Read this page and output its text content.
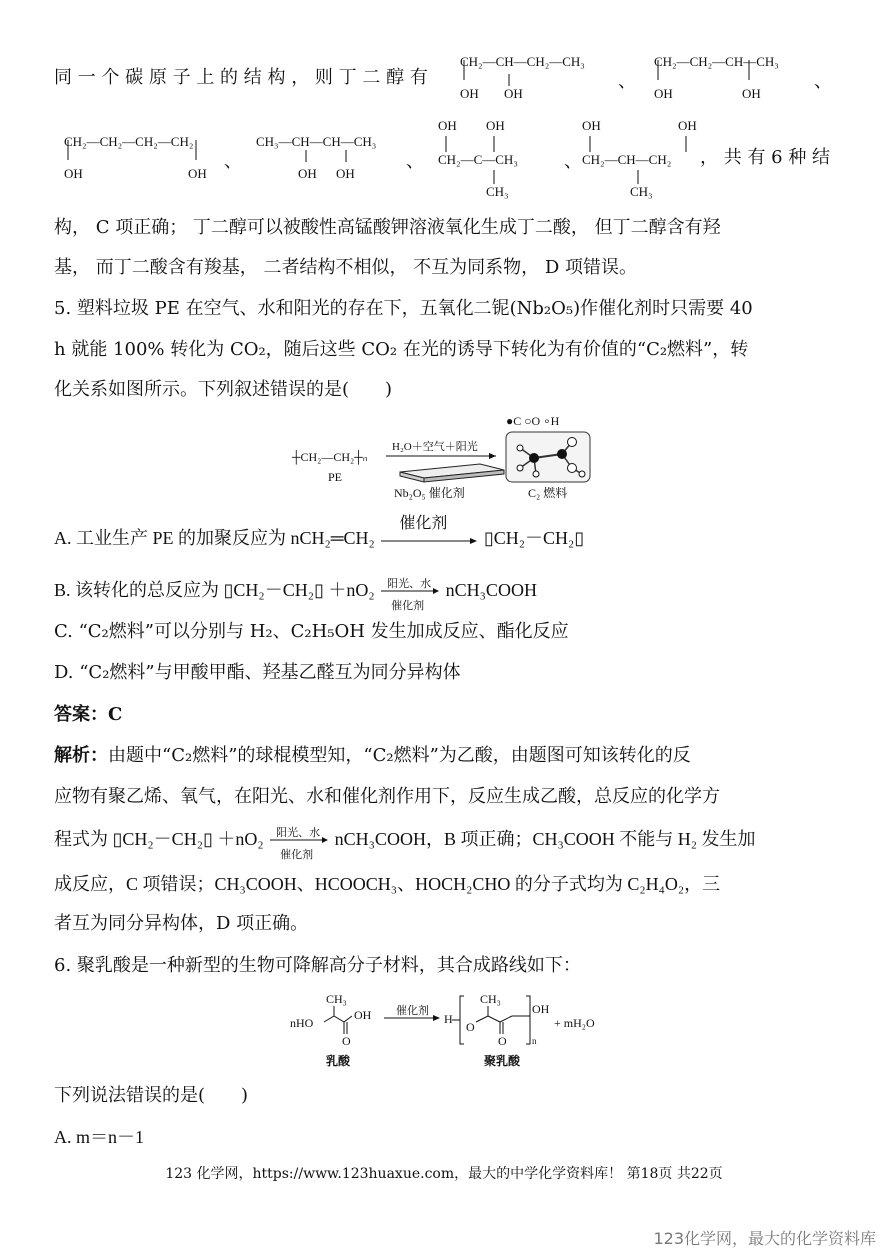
同 一 个 碳 原 子 上 的 结 构 ， 则 丁 二 醇 有
CH₂—CH—CH₂—CH₃
OH OH
、
CH₂—CH₂—CH—CH₃
OH	OH
、
CH₂—CH₂—CH₂—CH₂
OH	OH
、
CH₃—CH—CH—CH₃
OH OH
、
OH OH
CH₂—C—CH₃
CH₃
、
OH	OH
CH₂—CH—CH₂
CH₃
， 共 有 6 种 结
构， C 项正确； 丁二醇可以被酸性高锰酸钾溶液氧化生成丁二酸， 但丁二醇含有羟
基， 而丁二酸含有羧基， 二者结构不相似， 不互为同系物， D 项错误。
5. 塑料垃圾 PE 在空气、水和阳光的存在下，五氧化二铌(Nb₂O₅)作催化剂时只需要 40
h 就能 100% 转化为 CO₂，随后这些 CO₂ 在光的诱导下转化为有价值的“C₂燃料”，转
化关系如图所示。下列叙述错误的是(　　)
┼CH₂—CH₂┼ₙ
PE
H₂O＋空气＋阳光
●C ○O ∘H
Nb₂O₅ 催化剂	C₂ 燃料
A. 工业生产 PE 的加聚反应为 nCH₂═CH₂
催化剂
▯CH₂－CH₂▯
B. 该转化的总反应为 ▯CH₂－CH₂▯ ＋nO₂ 阳光、水
催化剂
nCH₃COOH
C. “C₂燃料”可以分别与 H₂、C₂H₅OH 发生加成反应、酯化反应
D. “C₂燃料”与甲酸甲酯、羟基乙醛互为同分异构体
答案：C
解析：由题中“C₂燃料”的球棍模型知，“C₂燃料”为乙酸，由题图可知该转化的反
应物有聚乙烯、氧气，在阳光、水和催化剂作用下，反应生成乙酸，总反应的化学方
程式为 ▯CH₂－CH₂▯ ＋nO₂ 阳光、水
催化剂
nCH₃COOH，B 项正确；CH₃COOH 不能与 H₂ 发生加
成反应，C 项错误；CH₃COOH、HCOOCH₃、HOCH₂CHO 的分子式均为 C₂H₄O₂，三
者互为同分异构体，D 项正确。
6. 聚乳酸是一种新型的生物可降解高分子材料，其合成路线如下：
CH₃
nHO
OH
O
催化剂
H
O
CH₃
O	n
OH
+ mH₂O
乳酸	聚乳酸
下列说法错误的是(　　)
A. m＝n－1
123 化学网，https://www.123huaxue.com，最大的中学化学资料库！ 第18页 共22页
123化学网，最大的化学资料库
